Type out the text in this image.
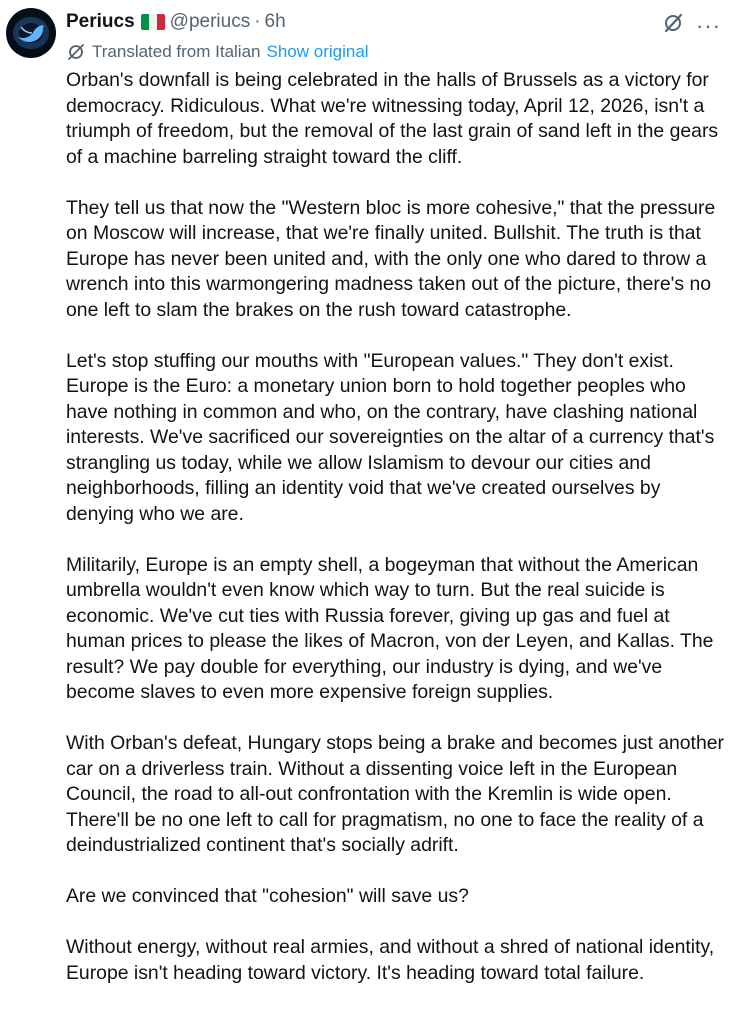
Periucs @periucs · 6h	···
Translated from Italian Show original

Orban's downfall is being celebrated in the halls of Brussels as a victory for democracy. Ridiculous. What we're witnessing today, April 12, 2026, isn't a triumph of freedom, but the removal of the last grain of sand left in the gears of a machine barreling straight toward the cliff.

They tell us that now the "Western bloc is more cohesive," that the pressure on Moscow will increase, that we're finally united. Bullshit. The truth is that Europe has never been united and, with the only one who dared to throw a wrench into this warmongering madness taken out of the picture, there's no one left to slam the brakes on the rush toward catastrophe.

Let's stop stuffing our mouths with "European values." They don't exist. Europe is the Euro: a monetary union born to hold together peoples who have nothing in common and who, on the contrary, have clashing national interests. We've sacrificed our sovereignties on the altar of a currency that's strangling us today, while we allow Islamism to devour our cities and neighborhoods, filling an identity void that we've created ourselves by denying who we are.

Militarily, Europe is an empty shell, a bogeyman that without the American umbrella wouldn't even know which way to turn. But the real suicide is economic. We've cut ties with Russia forever, giving up gas and fuel at human prices to please the likes of Macron, von der Leyen, and Kallas. The result? We pay double for everything, our industry is dying, and we've become slaves to even more expensive foreign supplies.

With Orban's defeat, Hungary stops being a brake and becomes just another car on a driverless train. Without a dissenting voice left in the European Council, the road to all-out confrontation with the Kremlin is wide open. There'll be no one left to call for pragmatism, no one to face the reality of a deindustrialized continent that's socially adrift.

Are we convinced that "cohesion" will save us?

Without energy, without real armies, and without a shred of national identity, Europe isn't heading toward victory. It's heading toward total failure.
